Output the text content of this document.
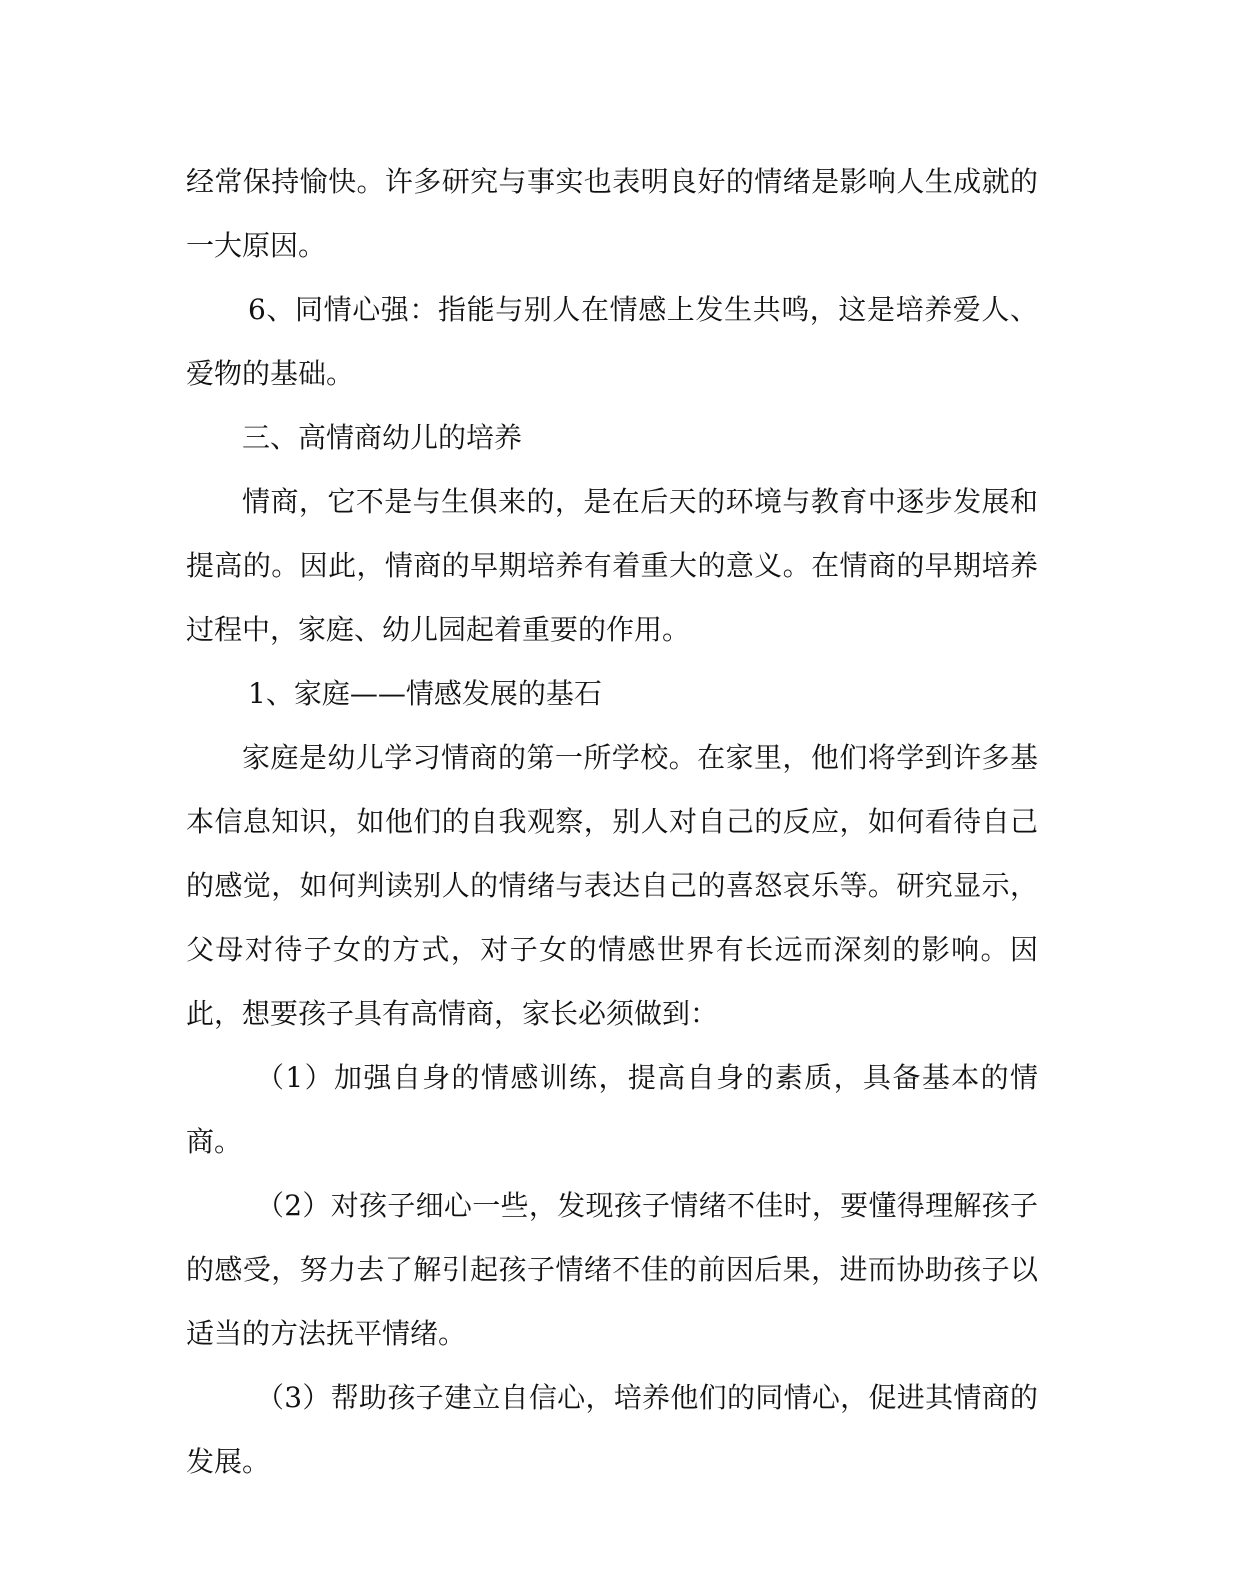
经常保持愉快。许多研究与事实也表明良好的情绪是影响人生成就的一大原因。

6、同情心强：指能与别人在情感上发生共鸣，这是培养爱人、爱物的基础。

三、高情商幼儿的培养

情商，它不是与生俱来的，是在后天的环境与教育中逐步发展和提高的。因此，情商的早期培养有着重大的意义。在情商的早期培养过程中，家庭、幼儿园起着重要的作用。

1、家庭——情感发展的基石

家庭是幼儿学习情商的第一所学校。在家里，他们将学到许多基本信息知识，如他们的自我观察，别人对自己的反应，如何看待自己的感觉，如何判读别人的情绪与表达自己的喜怒哀乐等。研究显示，父母对待子女的方式，对子女的情感世界有长远而深刻的影响。因此，想要孩子具有高情商，家长必须做到：

（1）加强自身的情感训练，提高自身的素质，具备基本的情商。

（2）对孩子细心一些，发现孩子情绪不佳时，要懂得理解孩子的感受，努力去了解引起孩子情绪不佳的前因后果，进而协助孩子以适当的方法抚平情绪。

（3）帮助孩子建立自信心，培养他们的同情心，促进其情商的发展。
